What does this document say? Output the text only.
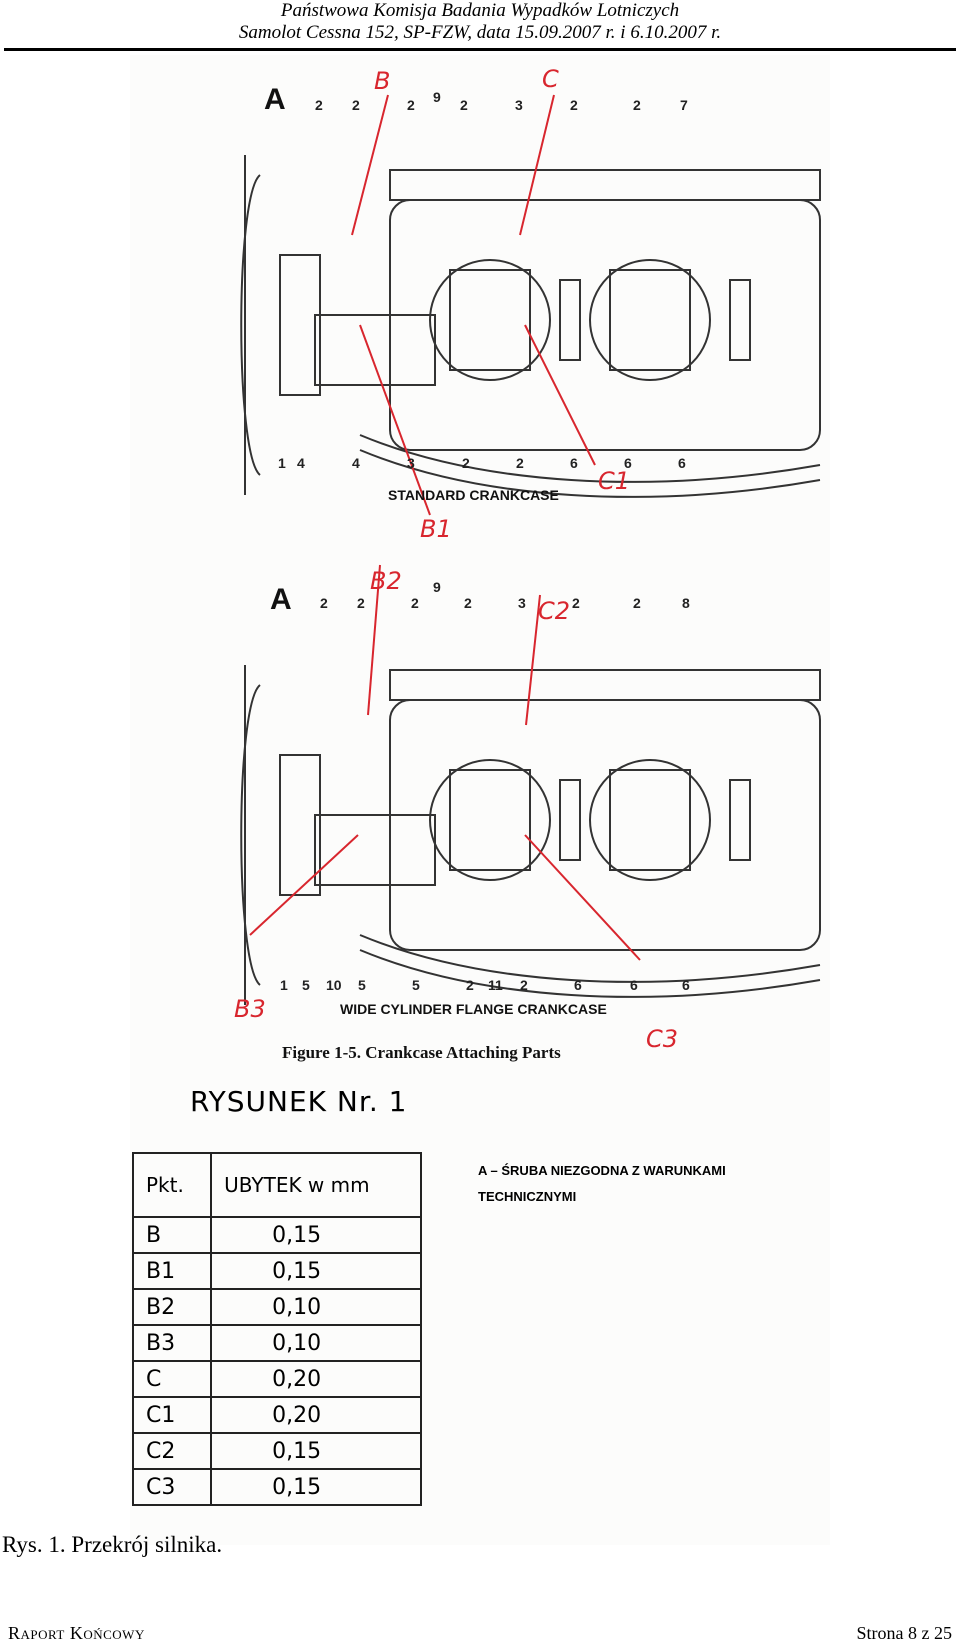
Państwowa Komisja Badania Wypadków Lotniczych
Samolot Cessna 152, SP-FZW, data 15.09.2007 r. i 6.10.2007 r.
A 2 2	2 9 2	3	2	2	7
1 4	4	3	2	2	6	6	6
STANDARD CRANKCASE
B	C
C1
B1
A 2 2	2
9
2	3	2	2	8
1 5 10 5	5	2 11 2	6	6	6
WIDE CYLINDER FLANGE CRANKCASE
B2
C2
B3
C3
Figure 1-5. Crankcase Attaching Parts
RYSUNEK Nr. 1
A – ŚRUBA NIEZGODNA Z WARUNKAMI TECHNICZNYMI
Pkt.	UBYTEK w mm
B	0,15
B1	0,15
B2	0,10
B3	0,10
C	0,20
C1	0,20
C2	0,15
C3	0,15
Rys. 1. Przekrój silnika.
Raport Końcowy	Strona 8 z 25
